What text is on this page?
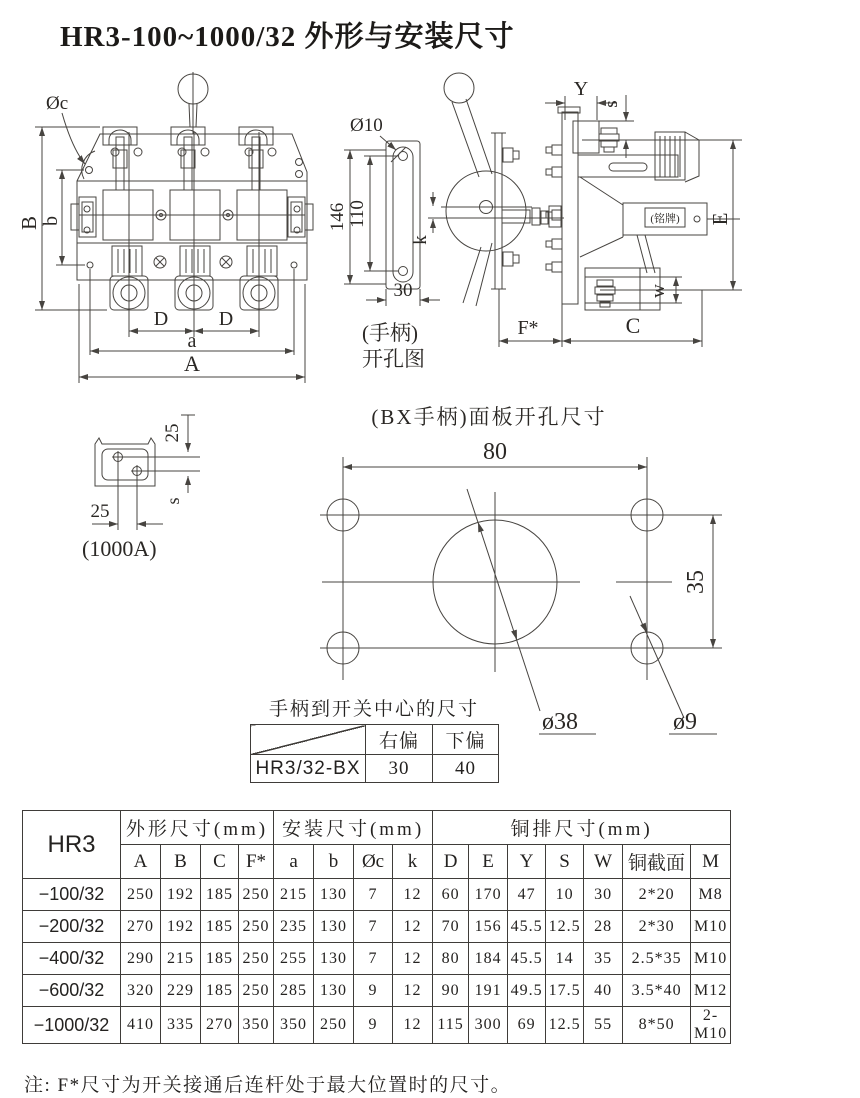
HR3-100~1000/32 外形与安装尺寸
Øc
B b
D	D
a
A
Ø10
146 110
30
k
(手柄)
开孔图
Y
s
(铭牌) E
w
F*	C
25
s
25
(1000A)
(BX手柄)面板开孔尺寸
80
35
ø38	ø9

手柄到开关中心的尺寸

	右偏	下偏
HR3/32-BX	30	40
HR3	外形尺寸(mm)				安装尺寸(mm)				铜排尺寸(mm)						
	A	B	C	F*	a	b	Øc	k	D	E	Y	S	W	铜截面	M
−100/32	250	192	185	250	215	130	7	12	60	170	47	10	30	2*20	M8
−200/32	270	192	185	250	235	130	7	12	70	156	45.5	12.5	28	2*30	M10
−400/32	290	215	185	250	255	130	7	12	80	184	45.5	14	35	2.5*35	M10
−600/32	320	229	185	250	285	130	9	12	90	191	49.5	17.5	40	3.5*40	M12
−1000/32	410	335	270	350	350	250	9	12	115	300	69	12.5	55	8*50	2-M10

注: F*尺寸为开关接通后连杆处于最大位置时的尺寸。
